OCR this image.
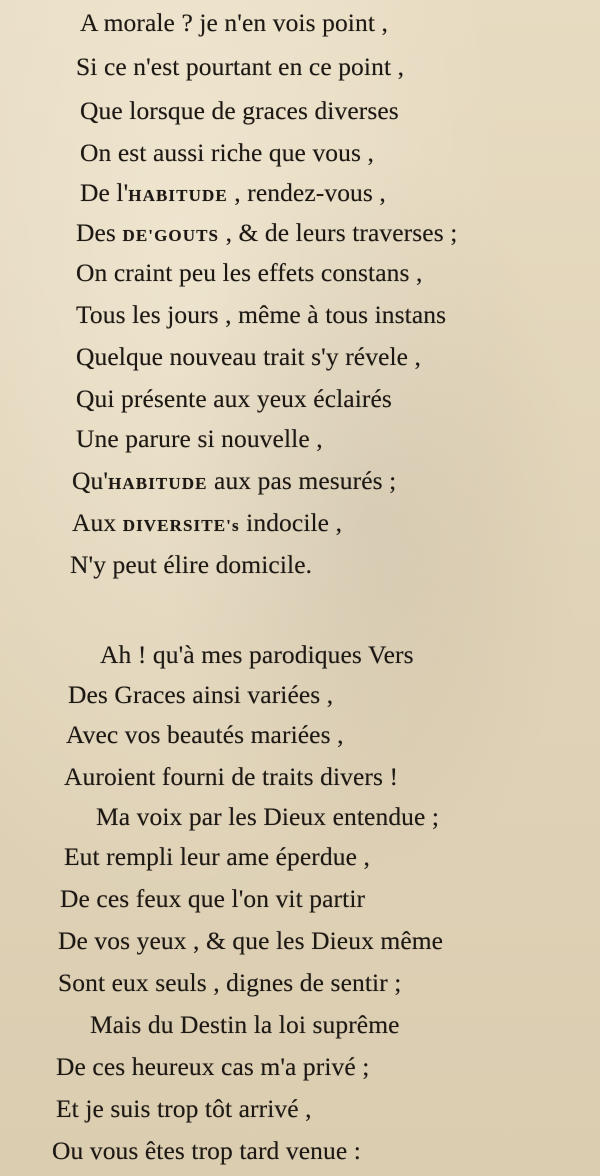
A morale ? je n'en vois point ,
Si ce n'est pourtant en ce point ,
Que lorsque de graces diverses
On est aussi riche que vous ,
De l'HABITUDE , rendez-vous ,
Des DE'GOUTS , & de leurs traverses ;
On craint peu les effets constans ,
Tous les jours , même à tous instans
Quelque nouveau trait s'y révele ,
Qui présente aux yeux éclairés
Une parure si nouvelle ,
Qu'HABITUDE aux pas mesurés ;
Aux DIVERSITE's indocile ,
N'y peut élire domicile.
Ah ! qu'à mes parodiques Vers
Des Graces ainsi variées ,
Avec vos beautés mariées ,
Auroient fourni de traits divers !
Ma voix par les Dieux entendue ;
Eut rempli leur ame éperdue ,
De ces feux que l'on vit partir
De vos yeux , & que les Dieux même
Sont eux seuls , dignes de sentir ;
Mais du Destin la loi suprême
De ces heureux cas m'a privé ;
Et je suis trop tôt arrivé ,
Ou vous êtes trop tard venue :
